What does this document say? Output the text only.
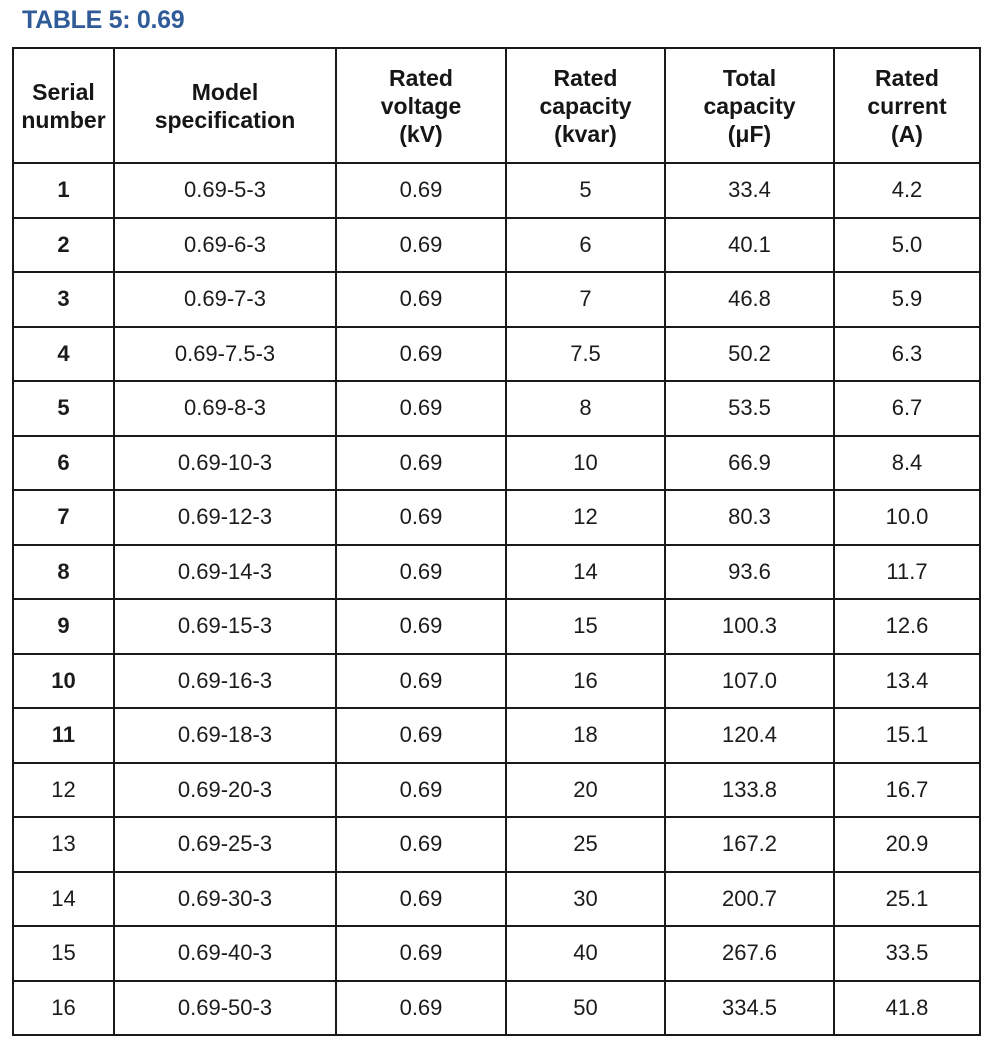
TABLE 5: 0.69
Serial
number	Model
specification	Rated
voltage
(kV)	Rated
capacity
(kvar)	Total
capacity
(μF)	Rated
current
(A)
1	0.69-5-3	0.69	5	33.4	4.2
2	0.69-6-3	0.69	6	40.1	5.0
3	0.69-7-3	0.69	7	46.8	5.9
4	0.69-7.5-3	0.69	7.5	50.2	6.3
5	0.69-8-3	0.69	8	53.5	6.7
6	0.69-10-3	0.69	10	66.9	8.4
7	0.69-12-3	0.69	12	80.3	10.0
8	0.69-14-3	0.69	14	93.6	11.7
9	0.69-15-3	0.69	15	100.3	12.6
10	0.69-16-3	0.69	16	107.0	13.4
11	0.69-18-3	0.69	18	120.4	15.1
12	0.69-20-3	0.69	20	133.8	16.7
13	0.69-25-3	0.69	25	167.2	20.9
14	0.69-30-3	0.69	30	200.7	25.1
15	0.69-40-3	0.69	40	267.6	33.5
16	0.69-50-3	0.69	50	334.5	41.8
